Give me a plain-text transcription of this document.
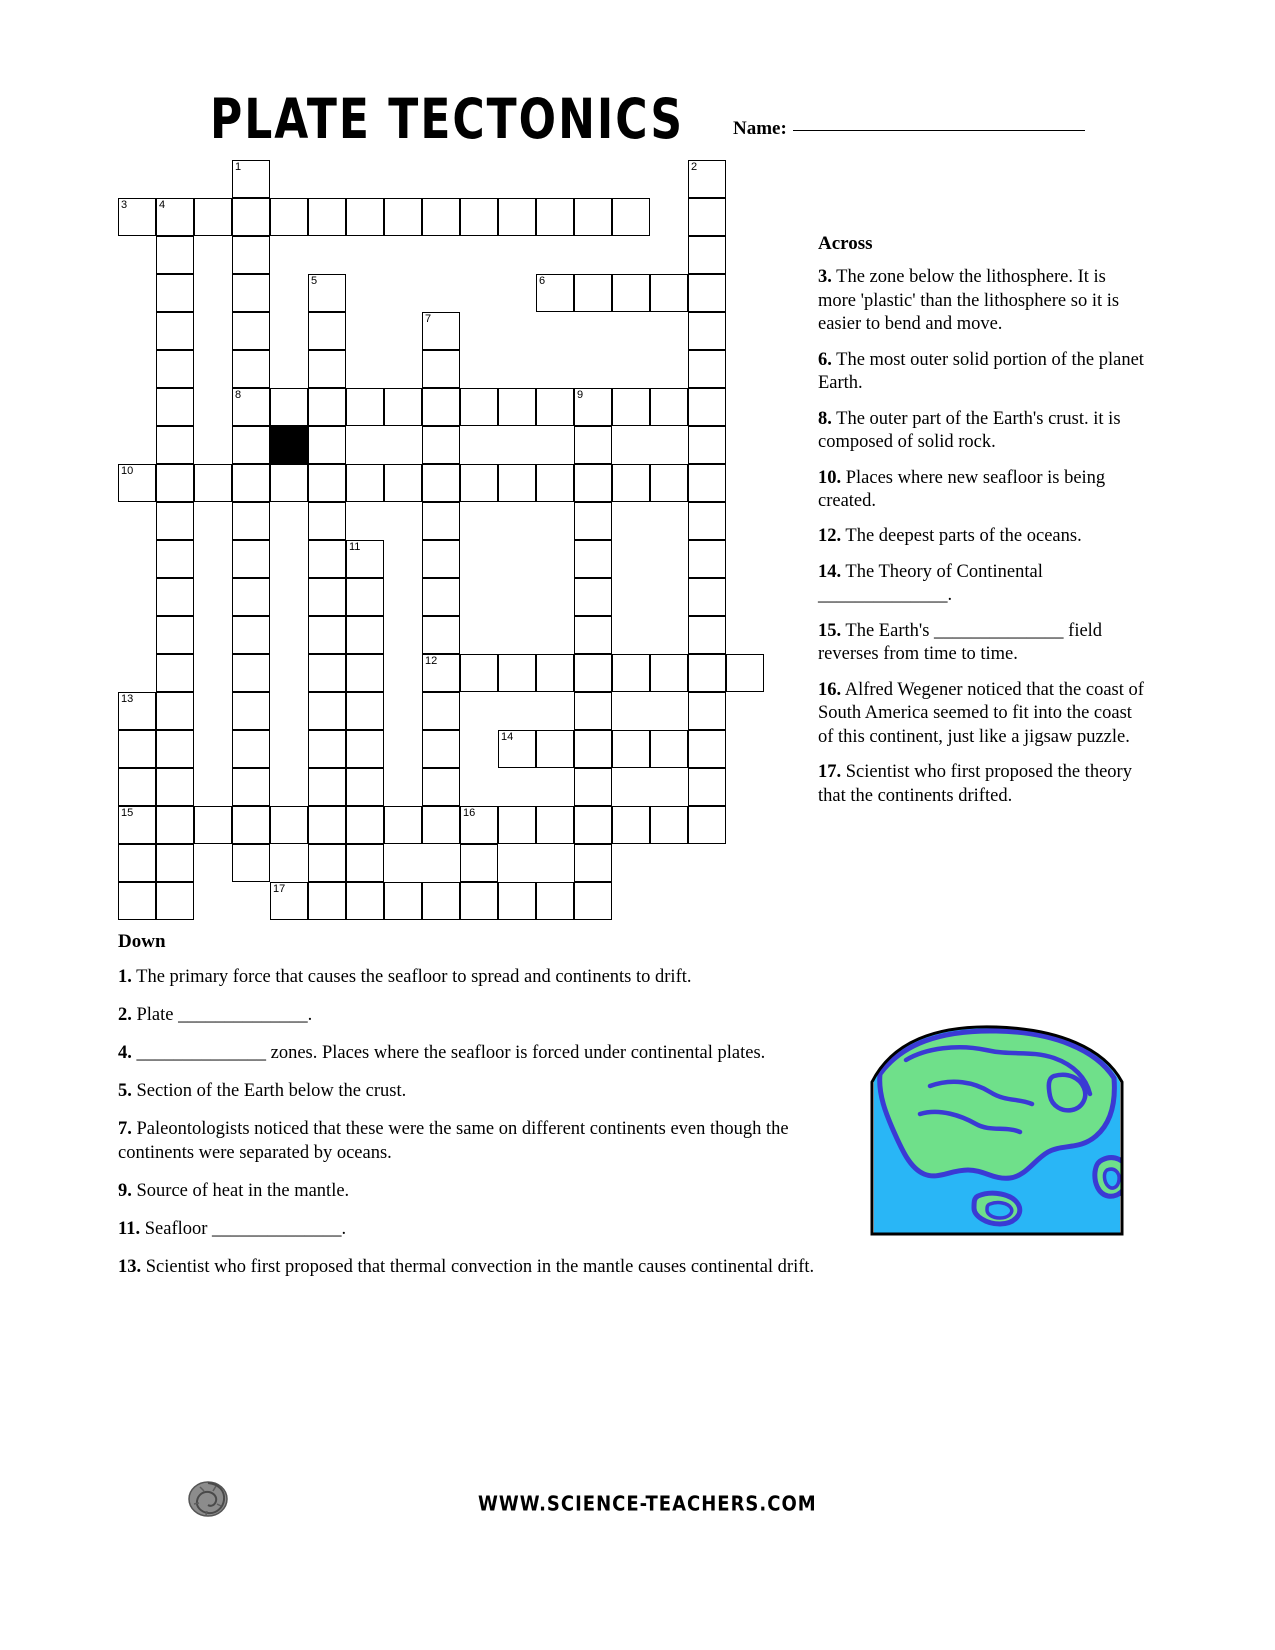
PLATE TECTONICS	Name:
1	2
3	4
5	6
7
8	9
10
11
12
13
14
15	16
17
Across

3. The zone below the lithosphere. It is more 'plastic' than the lithosphere so it is easier to bend and move.

6. The most outer solid portion of the planet Earth.

8. The outer part of the Earth's crust. it is composed of solid rock.

10. Places where new seafloor is being created.

12. The deepest parts of the oceans.

14. The Theory of Continental ______________.

15. The Earth's ______________ field reverses from time to time.

16. Alfred Wegener noticed that the coast of South America seemed to fit into the coast of this continent, just like a jigsaw puzzle.

17. Scientist who first proposed the theory that the continents drifted.

Down

1. The primary force that causes the seafloor to spread and continents to drift.

2. Plate ______________.

4. ______________ zones. Places where the seafloor is forced under continental plates.

5. Section of the Earth below the crust.

7. Paleontologists noticed that these were the same on different continents even though the continents were separated by oceans.

9. Source of heat in the mantle.

11. Seafloor ______________.

13. Scientist who first proposed that thermal convection in the mantle causes continental drift.

WWW.SCIENCE-TEACHERS.COM
